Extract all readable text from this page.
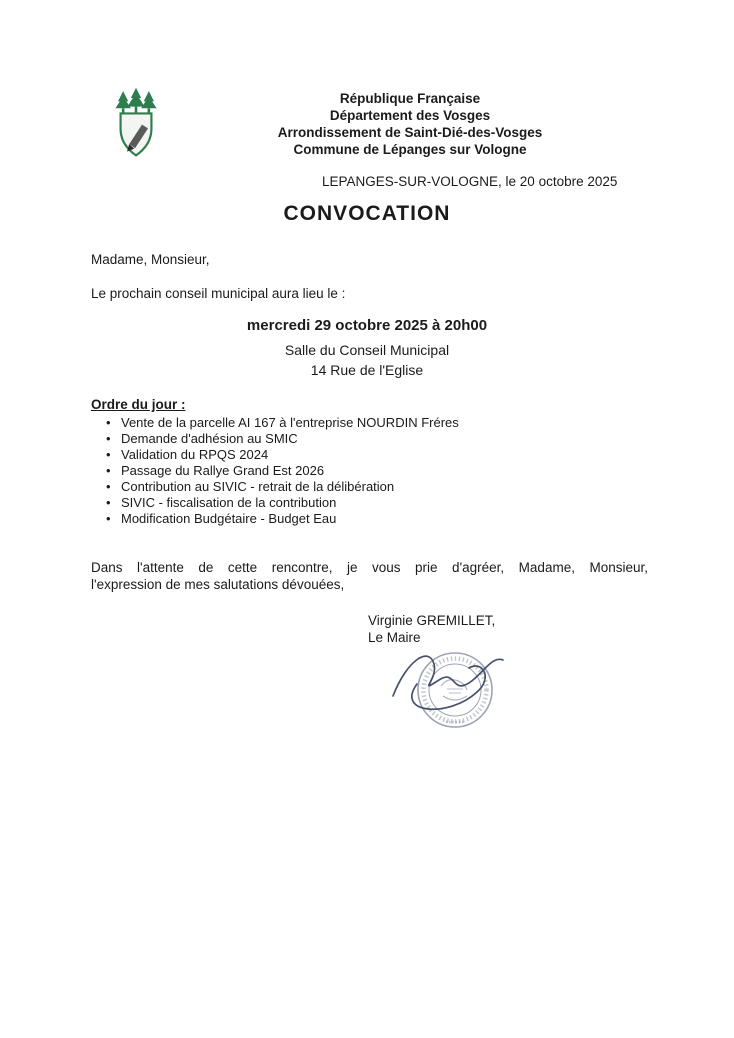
République Française
Département des Vosges
Arrondissement de Saint-Dié-des-Vosges
Commune de Lépanges sur Vologne
LEPANGES-SUR-VOLOGNE, le 20 octobre 2025
CONVOCATION
Madame, Monsieur,
Le prochain conseil municipal aura lieu le :
mercredi 29 octobre 2025 à 20h00
Salle du Conseil Municipal
14 Rue de l'Eglise
Ordre du jour :
• Vente de la parcelle AI 167 à l'entreprise NOURDIN Fréres
• Demande d'adhésion au SMIC
• Validation du RPQS 2024
• Passage du Rallye Grand Est 2026
• Contribution au SIVIC - retrait de la délibération
• SIVIC - fiscalisation de la contribution
• Modification Budgétaire - Budget Eau
Dans l'attente de cette rencontre, je vous prie d'agréer, Madame, Monsieur,
l'expression de mes salutations dévouées,
Virginie GREMILLET,
Le Maire
